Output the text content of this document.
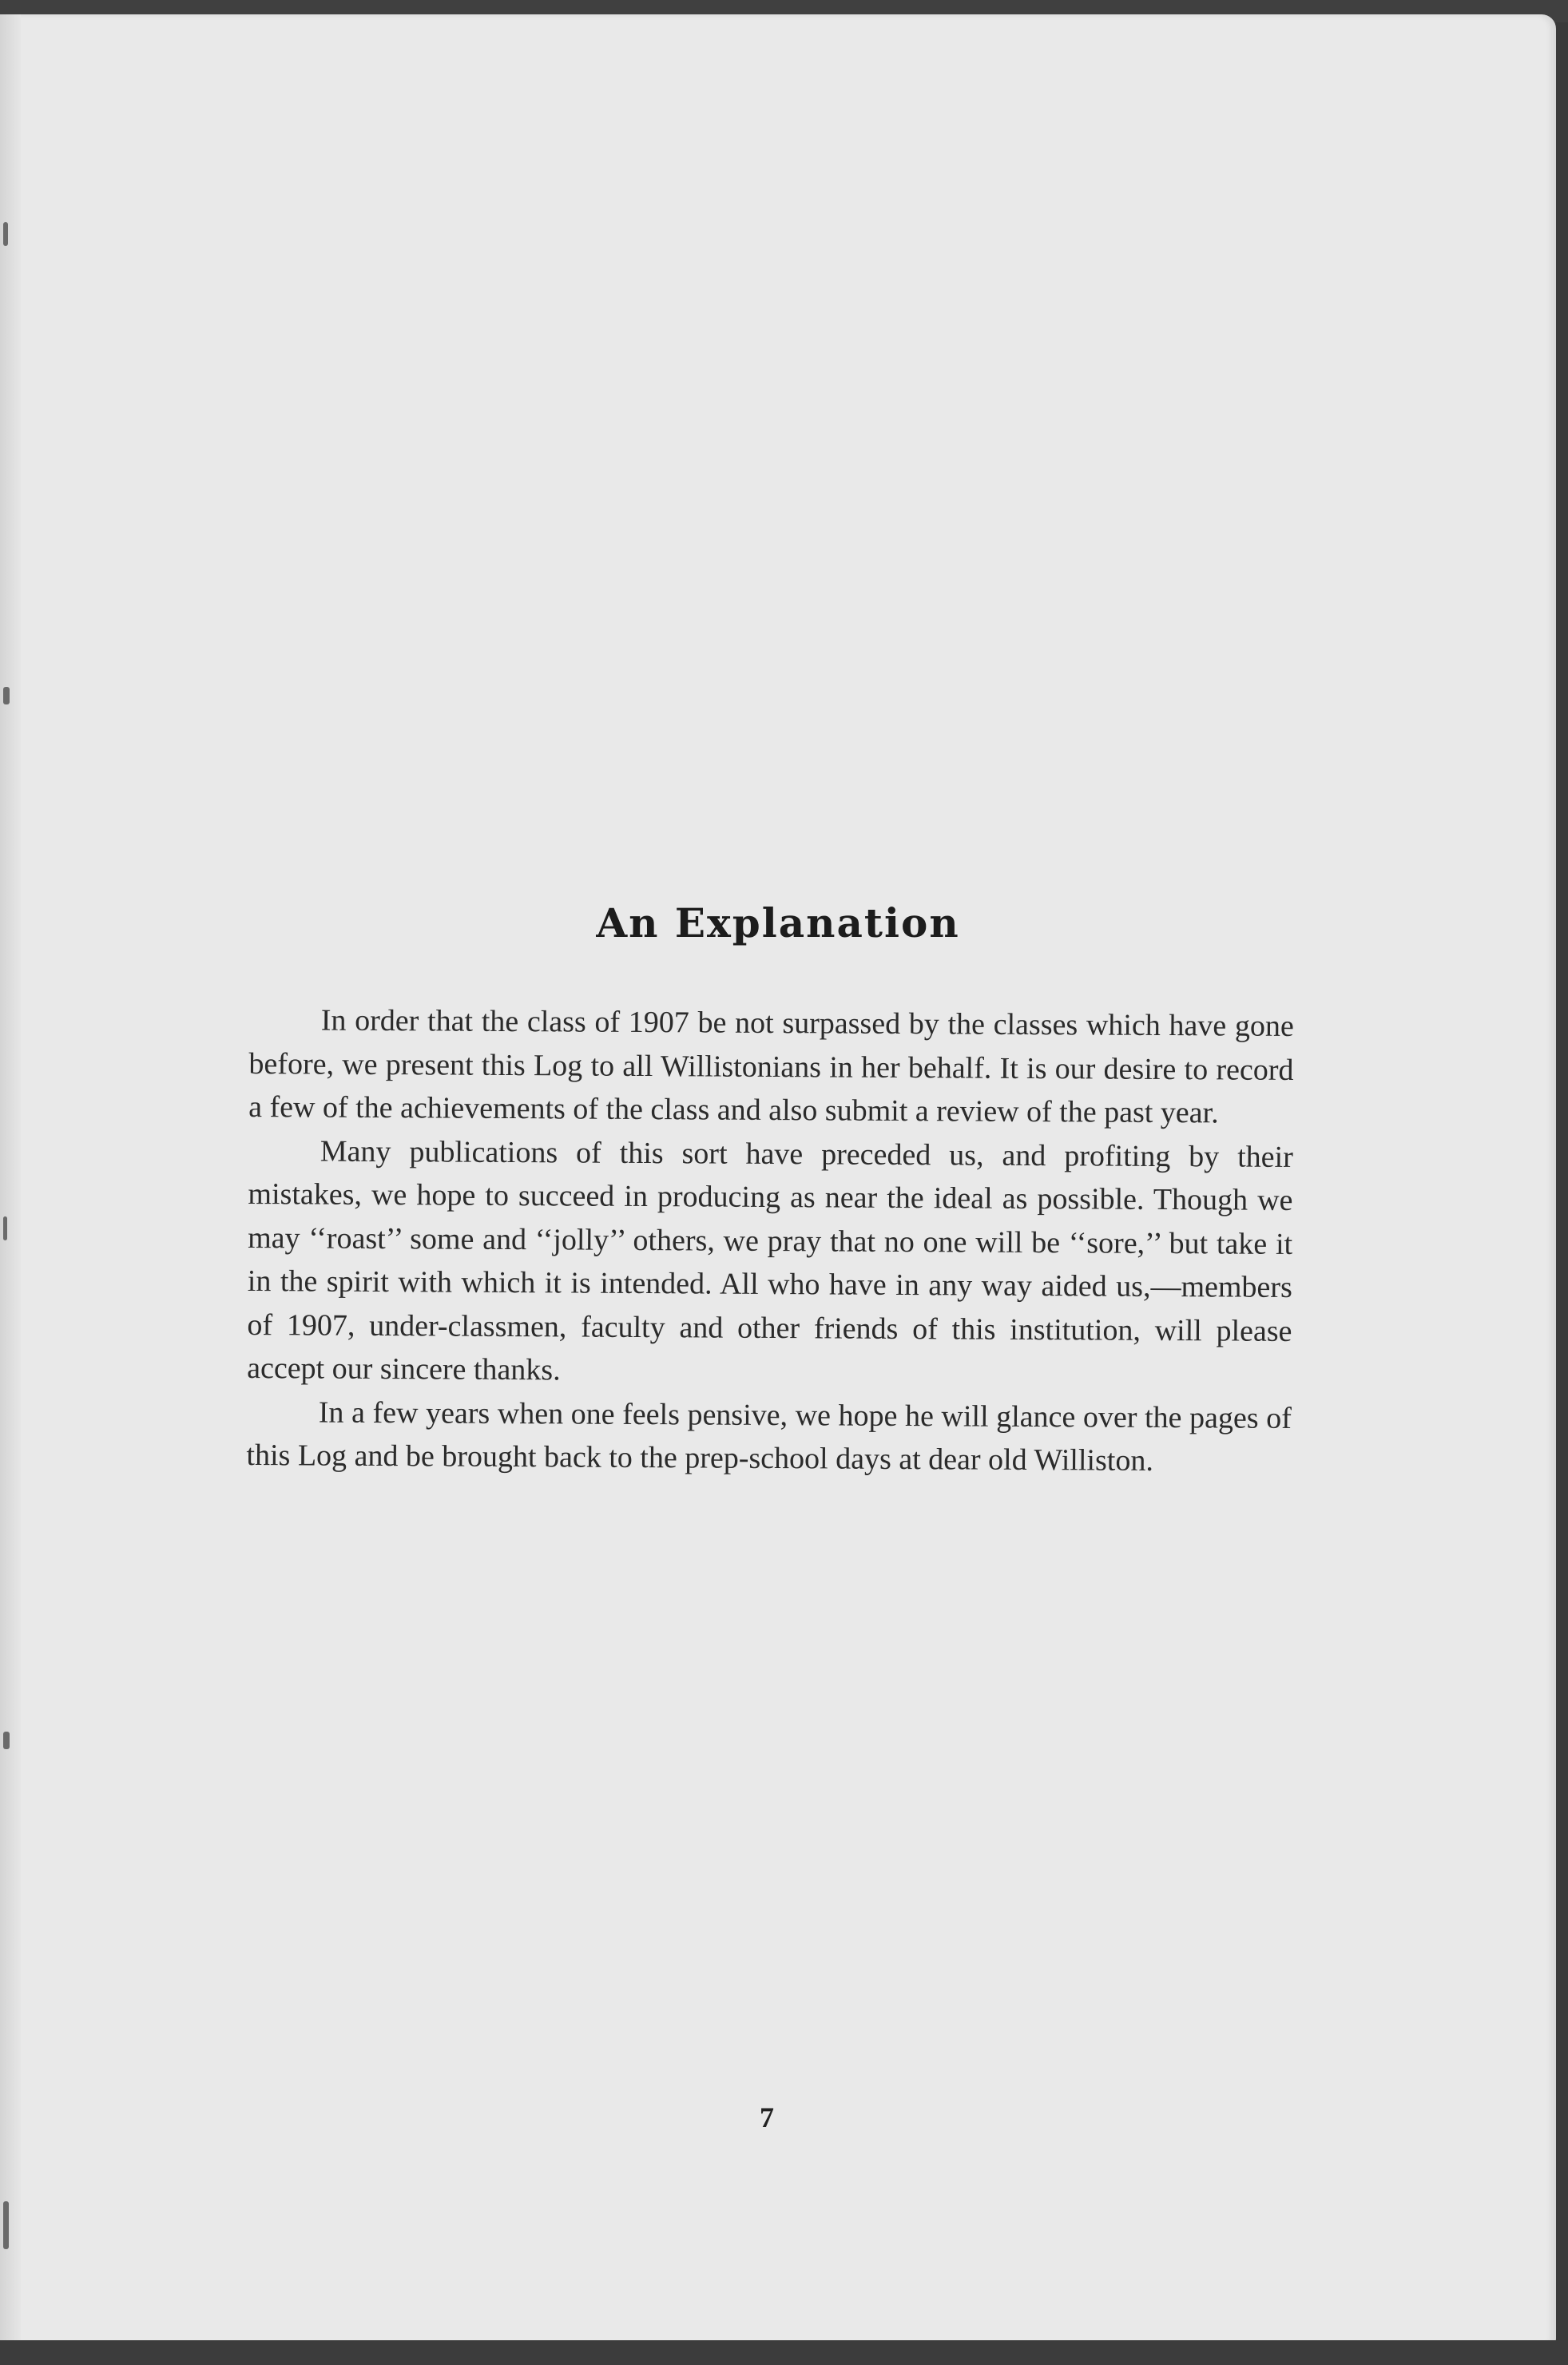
An Explanation

In order that the class of 1907 be not surpassed by the classes which have gone before, we present this Log to all Willistonians in her behalf. It is our desire to record a few of the achievements of the class and also submit a review of the past year.

Many publications of this sort have preceded us, and profiting by their mistakes, we hope to succeed in producing as near the ideal as possible. Though we may ‘‘roast’’ some and ‘‘jolly’’ others, we pray that no one will be ‘‘sore,’’ but take it in the spirit with which it is intended. All who have in any way aided us,—members of 1907, under-classmen, faculty and other friends of this institution, will please accept our sincere thanks.

In a few years when one feels pensive, we hope he will glance over the pages of this Log and be brought back to the prep-school days at dear old Williston.

7
